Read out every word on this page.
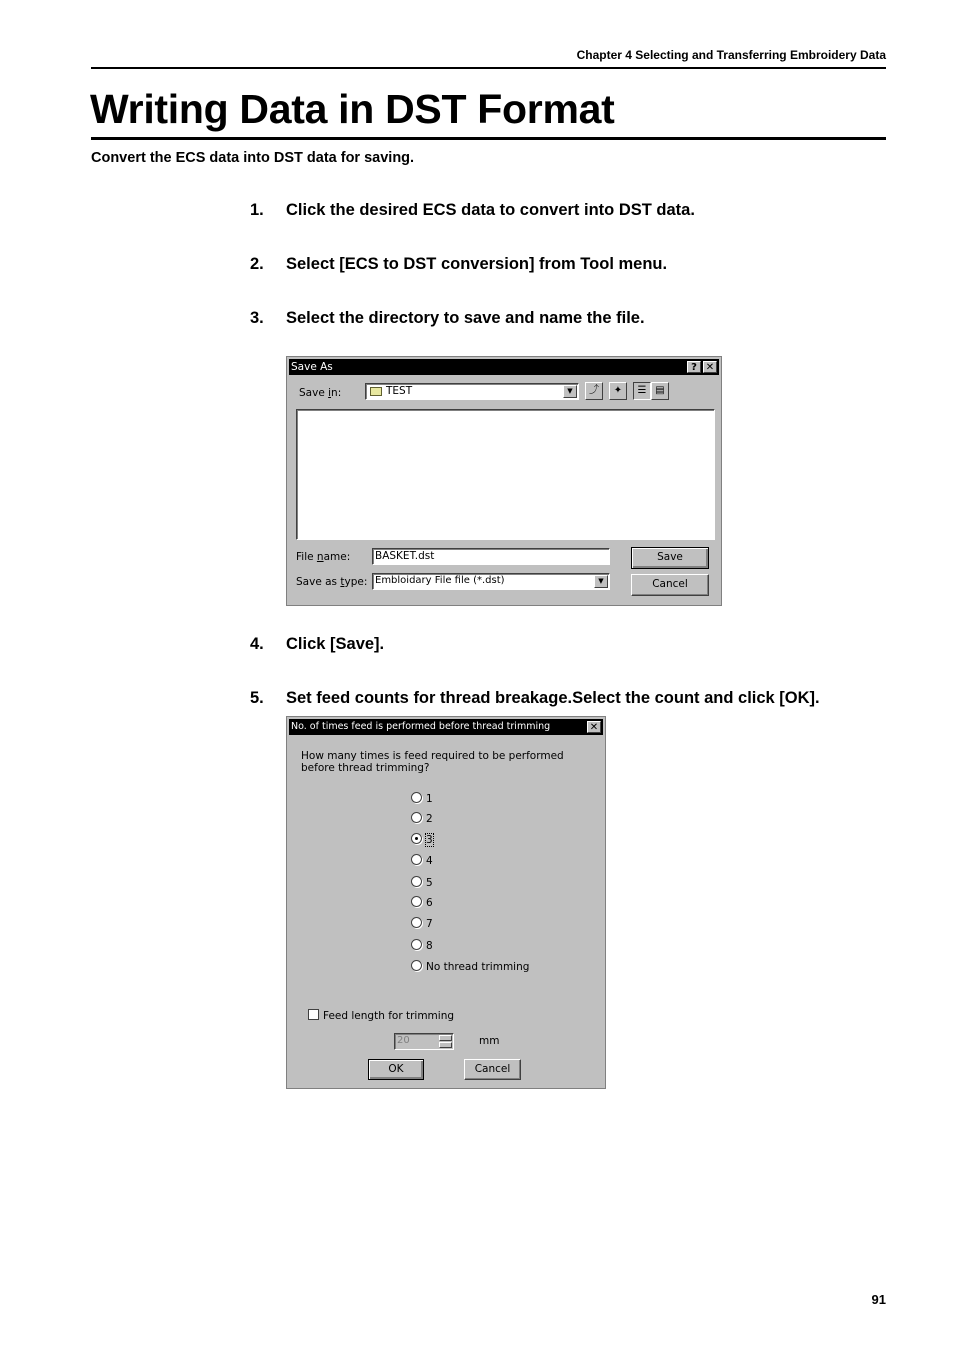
Chapter 4 Selecting and Transferring Embroidery Data
Writing Data in DST Format
Convert the ECS data into DST data for saving.
1. Click the desired ECS data to convert into DST data.
2. Select [ECS to DST conversion] from Tool menu.
3. Select the directory to save and name the file.
Save As	? ✕
Save in:	TEST	▼	⤴	✦	☰ ▤
File name: BASKET.dst
Save as type: Embloidary File file (*.dst)	▼
Save
Cancel
4. Click [Save].
5. Set feed counts for thread breakage.Select the count and click [OK].
No. of times feed is performed before thread trimming	✕
How many times is feed required to be performed before thread trimming?
1
2
3
4
5
6
7
8
No thread trimming
Feed length for trimming
20	mm
OK	Cancel
91
